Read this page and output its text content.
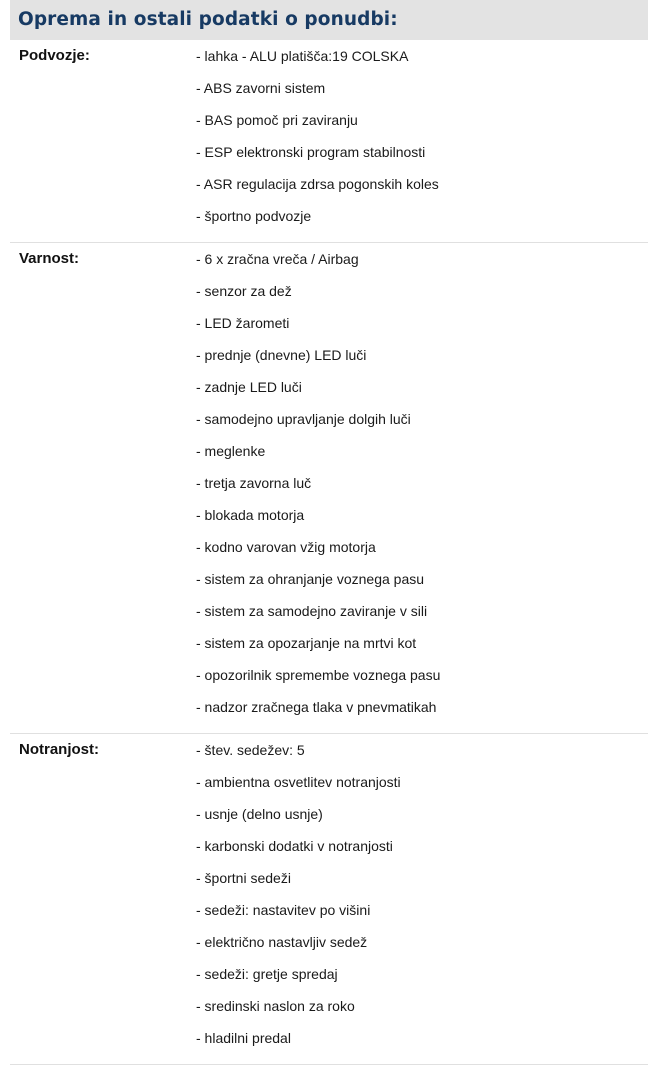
Oprema in ostali podatki o ponudbi:
Podvozje:	- lahka - ALU platišča:19 COLSKA
- ABS zavorni sistem
- BAS pomoč pri zaviranju
- ESP elektronski program stabilnosti
- ASR regulacija zdrsa pogonskih koles
- športno podvozje
Varnost:	- 6 x zračna vreča / Airbag
- senzor za dež
- LED žarometi
- prednje (dnevne) LED luči
- zadnje LED luči
- samodejno upravljanje dolgih luči
- meglenke
- tretja zavorna luč
- blokada motorja
- kodno varovan vžig motorja
- sistem za ohranjanje voznega pasu
- sistem za samodejno zaviranje v sili
- sistem za opozarjanje na mrtvi kot
- opozorilnik spremembe voznega pasu
- nadzor zračnega tlaka v pnevmatikah
Notranjost:	- štev. sedežev: 5
- ambientna osvetlitev notranjosti
- usnje (delno usnje)
- karbonski dodatki v notranjosti
- športni sedeži
- sedeži: nastavitev po višini
- električno nastavljiv sedež
- sedeži: gretje spredaj
- sredinski naslon za roko
- hladilni predal
